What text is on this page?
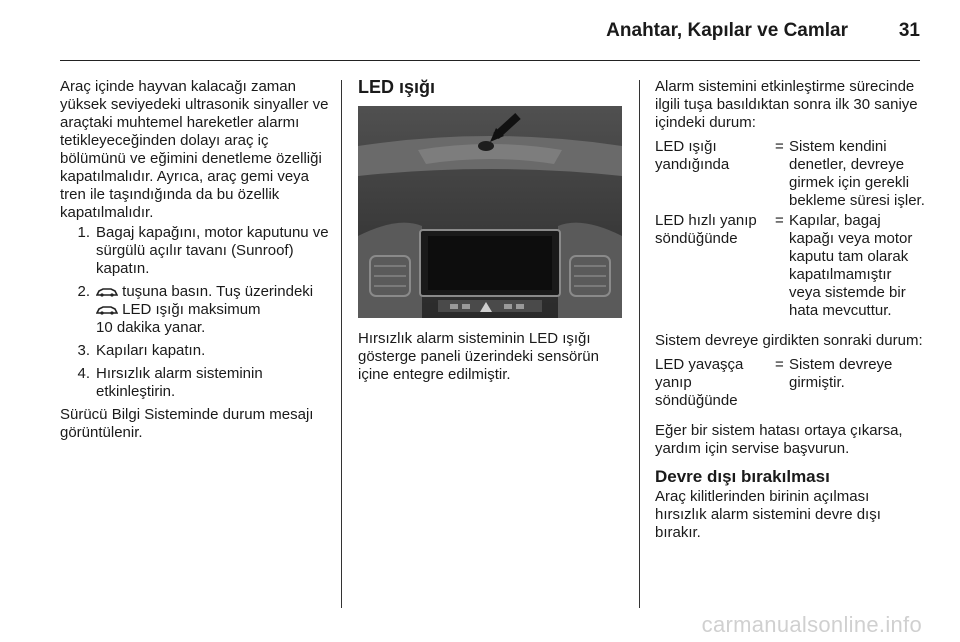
Anahtar, Kapılar ve Camlar	31

Araç içinde hayvan kalacağı zaman yüksek seviyedeki ultrasonik sinyaller ve araçtaki muhtemel hareketler alarmı tetikleyeceğinden dolayı araç iç bölümünü ve eğimini denetleme özelliği kapatılmalıdır. Ayrıca, araç gemi veya tren ile taşındığında da bu özellik kapatılmalıdır.

1. Bagaj kapağını, motor kaputunu ve sürgülü açılır tavanı (Sunroof) kapatın.
2.	tuşuna basın. Tuş üzerindeki
LED ışığı maksimum
10 dakika yanar.
3. Kapıları kapatın.
4. Hırsızlık alarm sisteminin etkinleştirin.

Sürücü Bilgi Sisteminde durum mesajı görüntülenir.

LED ışığı

Hırsızlık alarm sisteminin LED ışığı gösterge paneli üzerindeki sensörün içine entegre edilmiştir.

Alarm sistemini etkinleştirme sürecinde ilgili tuşa basıldıktan sonra ilk 30 saniye içindeki durum:

LED ışığı yandığında
= Sistem kendini denetler, devreye girmek için gerekli bekleme süresi işler.
LED hızlı yanıp söndüğünde
= Kapılar, bagaj kapağı veya motor kaputu tam olarak kapatılmamıştır veya sistemde bir hata mevcuttur.

Sistem devreye girdikten sonraki durum:

LED yavaşça yanıp söndüğünde
= Sistem devreye girmiştir.

Eğer bir sistem hatası ortaya çıkarsa, yardım için servise başvurun.

Devre dışı bırakılması

Araç kilitlerinden birinin açılması hırsızlık alarm sistemini devre dışı bırakır.

carmanualsonline.info
